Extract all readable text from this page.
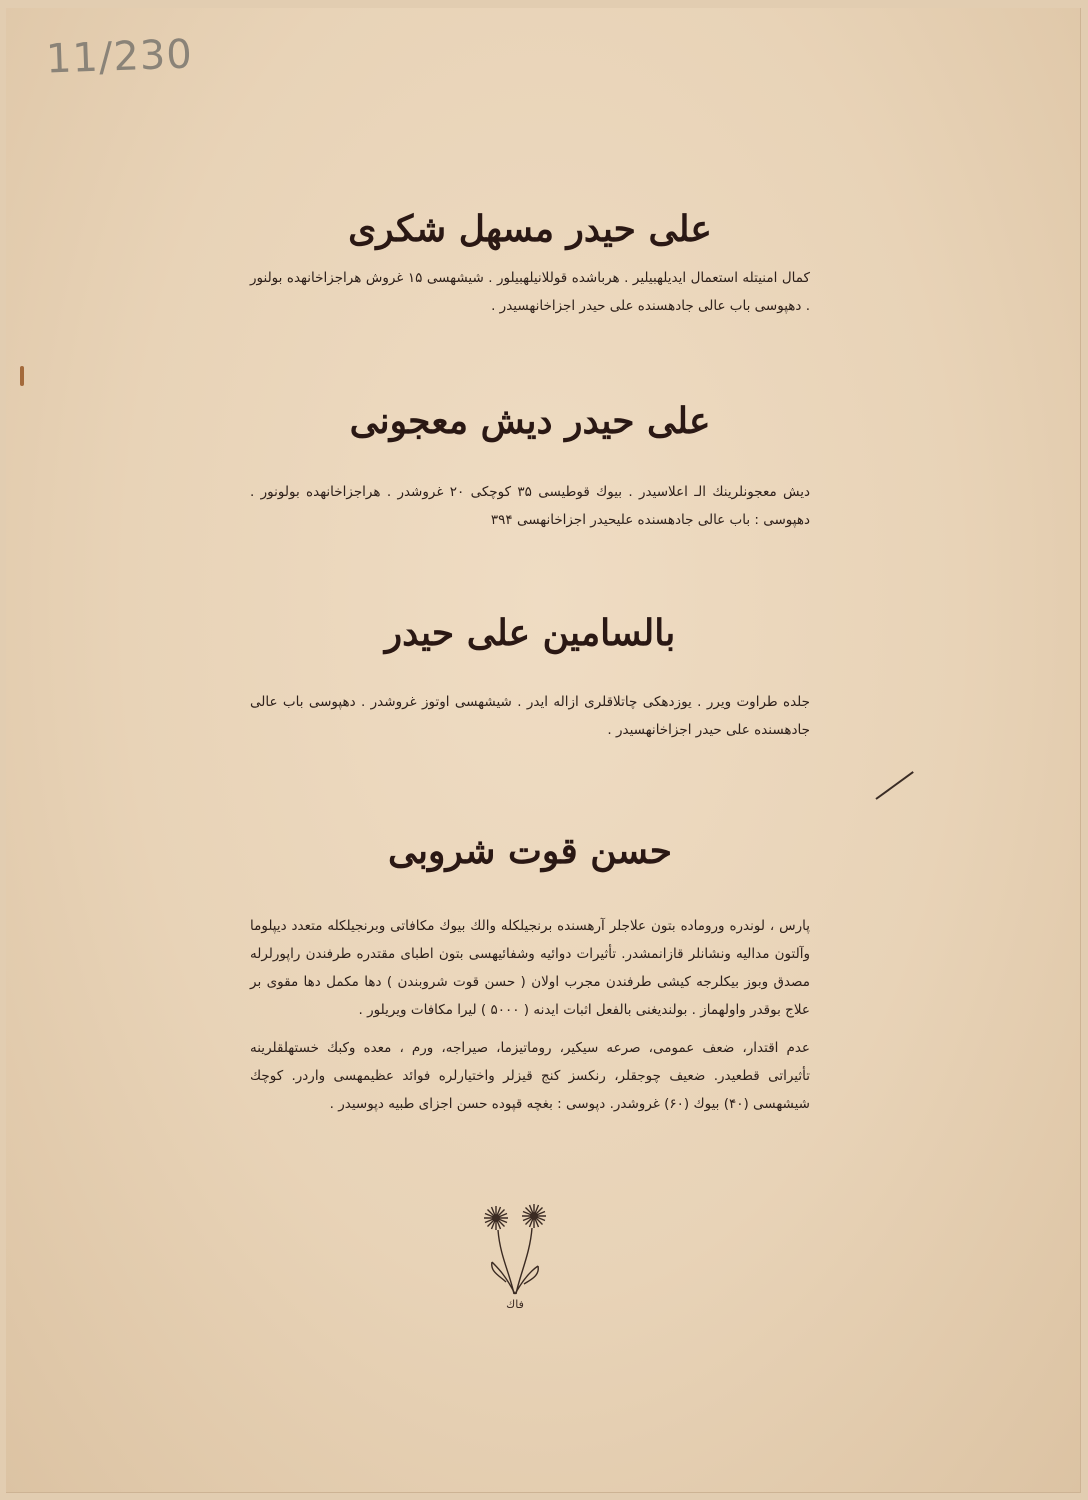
11/230
علی حیدر مسهل شکری

کمال امنیتله استعمال ایدیلهبیلیر . هرباشده قوللانیلهبیلور . شیشهسی ۱۵ غروش هراجزاخانهده بولنور . دهپوسی باب عالی جادهسنده علی حیدر اجزاخانهسیدر .

علی حیدر دیش معجونی

دیش معجونلرینك الـ اعلاسیدر . بیوك قوطیسی ۳۵ کوچکی ۲۰ غروشدر . هراجزاخانهده بولونور . دهپوسی : باب عالی جادهسنده علیحیدر اجزاخانهسی ۳۹۴

بالسامین علی حیدر

جلده طراوت ویرر . یوزدهکی چاتلاقلری ازاله ایدر . شیشهسی اوتوز غروشدر . دهپوسی باب عالی جادهسنده علی حیدر اجزاخانهسیدر .

حسن قوت شروبی

پارس ، لوندره وروماده بتون علاجلر آرهسنده برنجیلکله والك بیوك مکافاتی وبرنجیلکله متعدد دیپلوما وآلتون مدالیه ونشانلر قازانمشدر. تأثیرات دوائیه وشفائیهسی بتون اطبای مقتدره طرفندن راپورلرله مصدق وبوز بیکلرجه کیشی طرفندن مجرب اولان ( حسن قوت شروبندن ) دها مکمل دها مقوی بر علاج بوقدر واولهماز . بولندیغنی بالفعل اثبات ایدنه ( ۵۰۰۰ ) لیرا مکافات ویریلور .

عدم اقتدار، ضعف عمومی، صرعه سیکیر، روماتیزما، صیراجه، ورم ، معده وکبك خستهلقلرینه تأثیراتی قطعیدر. ضعیف چوجقلر، رنکسز کنج قیزلر واختیارلره فوائد عظیمهسی واردر. کوچك شیشهسی (۴۰) بیوك (۶۰) غروشدر. دپوسی : بغچه قپوده حسن اجزای طبیه دپوسیدر .

فاك
